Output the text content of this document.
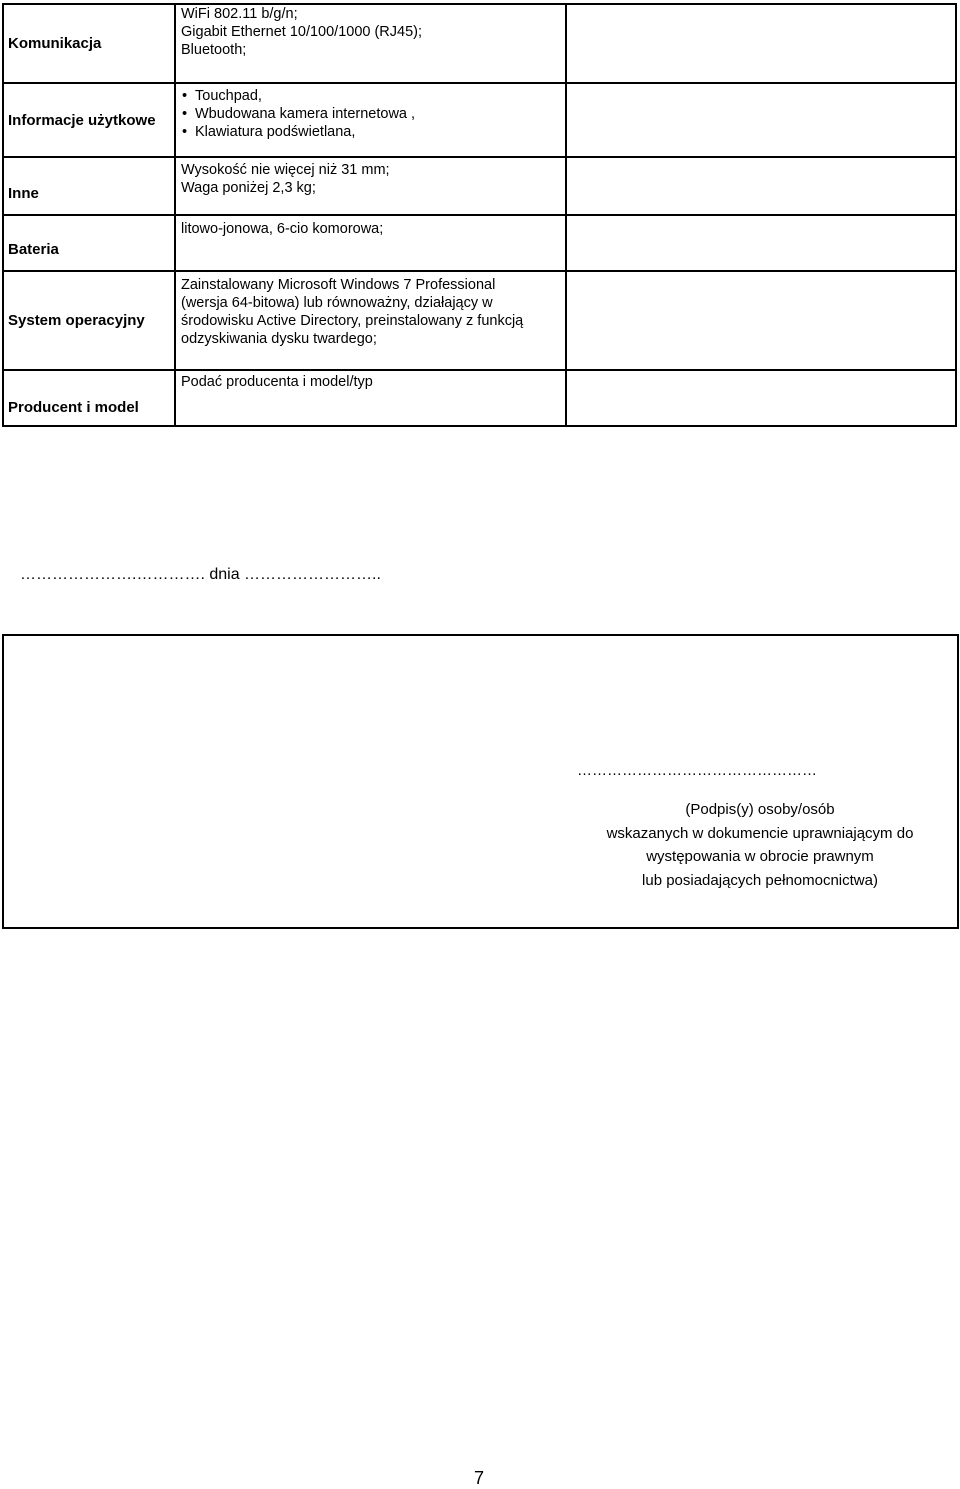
Komunikacja
WiFi 802.11 b/g/n;
Gigabit Ethernet 10/100/1000 (RJ45);
Bluetooth;
Informacje użytkowe
• Touchpad,
• Wbudowana kamera internetowa ,
• Klawiatura podświetlana,
Inne
Wysokość nie więcej niż 31 mm;
Waga poniżej 2,3 kg;
Bateria
litowo-jonowa, 6-cio komorowa;
System operacyjny
Zainstalowany Microsoft Windows 7 Professional
(wersja 64-bitowa) lub równoważny, działający w
środowisku Active Directory, preinstalowany z funkcją
odzyskiwania dysku twardego;
Producent i model
Podać producenta i model/typ
………………….…………. dnia ……………………..
…………………………………………
(Podpis(y) osoby/osób
wskazanych w dokumencie uprawniającym do
występowania w obrocie prawnym
lub posiadających pełnomocnictwa)
7
